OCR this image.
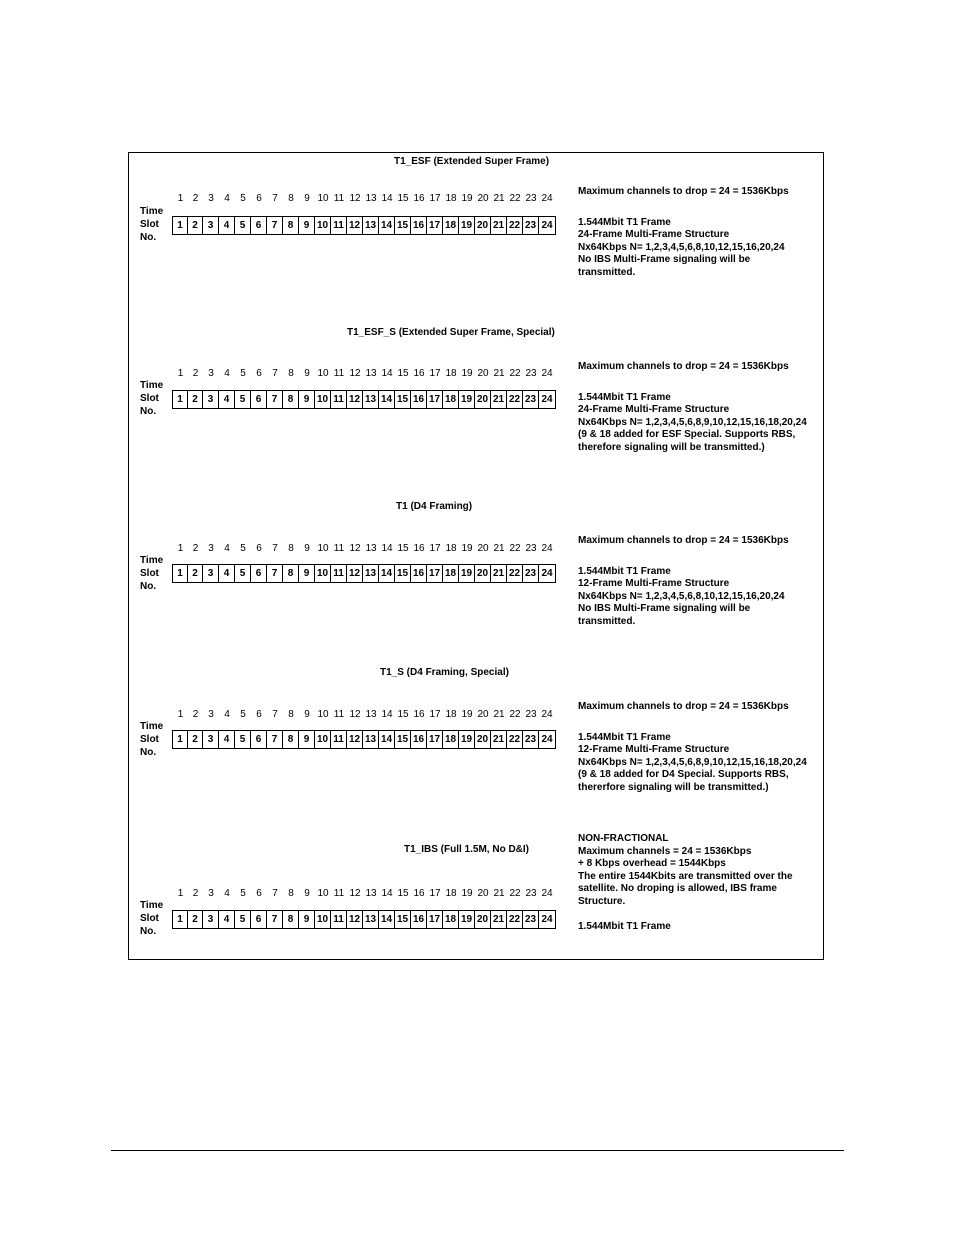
T1_ESF (Extended Super Frame)
1 2 3	4	5	6	7	8	9 10 11 12 13 14 15 16 17 18 19 20 21 22 23 24
Time
Slot
No.
1 2 3	4	5	6	7	8	9 10 11 12 13 14 15 16 17 18 19 20 21 22 23 24
Maximum channels to drop = 24 = 1536Kbps
1.544Mbit T1 Frame
24-Frame Multi-Frame Structure
Nx64Kbps N= 1,2,3,4,5,6,8,10,12,15,16,20,24
No IBS Multi-Frame signaling will be
transmitted.
T1_ESF_S (Extended Super Frame, Special)
1 2 3	4	5	6	7	8	9 10 11 12 13 14 15 16 17 18 19 20 21 22 23 24
Time
Slot
No.
1 2 3	4	5	6	7	8	9 10 11 12 13 14 15 16 17 18 19 20 21 22 23 24
Maximum channels to drop = 24 = 1536Kbps
1.544Mbit T1 Frame
24-Frame Multi-Frame Structure
Nx64Kbps N= 1,2,3,4,5,6,8,9,10,12,15,16,18,20,24
(9 & 18 added for ESF Special. Supports RBS,
therefore signaling will be transmitted.)
T1 (D4 Framing)
1 2 3	4	5	6	7	8	9 10 11 12 13 14 15 16 17 18 19 20 21 22 23 24
Time
Slot
No.
1 2 3	4	5	6	7	8	9 10 11 12 13 14 15 16 17 18 19 20 21 22 23 24
Maximum channels to drop = 24 = 1536Kbps
1.544Mbit T1 Frame
12-Frame Multi-Frame Structure
Nx64Kbps N= 1,2,3,4,5,6,8,10,12,15,16,20,24
No IBS Multi-Frame signaling will be
transmitted.
T1_S (D4 Framing, Special)
1 2 3	4	5	6	7	8	9 10 11 12 13 14 15 16 17 18 19 20 21 22 23 24
Time
Slot
No.
1 2 3	4	5	6	7	8	9 10 11 12 13 14 15 16 17 18 19 20 21 22 23 24
Maximum channels to drop = 24 = 1536Kbps
1.544Mbit T1 Frame
12-Frame Multi-Frame Structure
Nx64Kbps N= 1,2,3,4,5,6,8,9,10,12,15,16,18,20,24
(9 & 18 added for D4 Special. Supports RBS,
thererfore signaling will be transmitted.)
T1_IBS (Full 1.5M, No D&I)
1 2 3	4	5	6	7	8	9 10 11 12 13 14 15 16 17 18 19 20 21 22 23 24
Time
Slot
No.
1 2 3	4	5	6	7	8	9 10 11 12 13 14 15 16 17 18 19 20 21 22 23 24
NON-FRACTIONAL
Maximum channels = 24 = 1536Kbps
+ 8 Kbps overhead = 1544Kbps
The entire 1544Kbits are transmitted over the
satellite. No droping is allowed, IBS frame
Structure.
1.544Mbit T1 Frame
